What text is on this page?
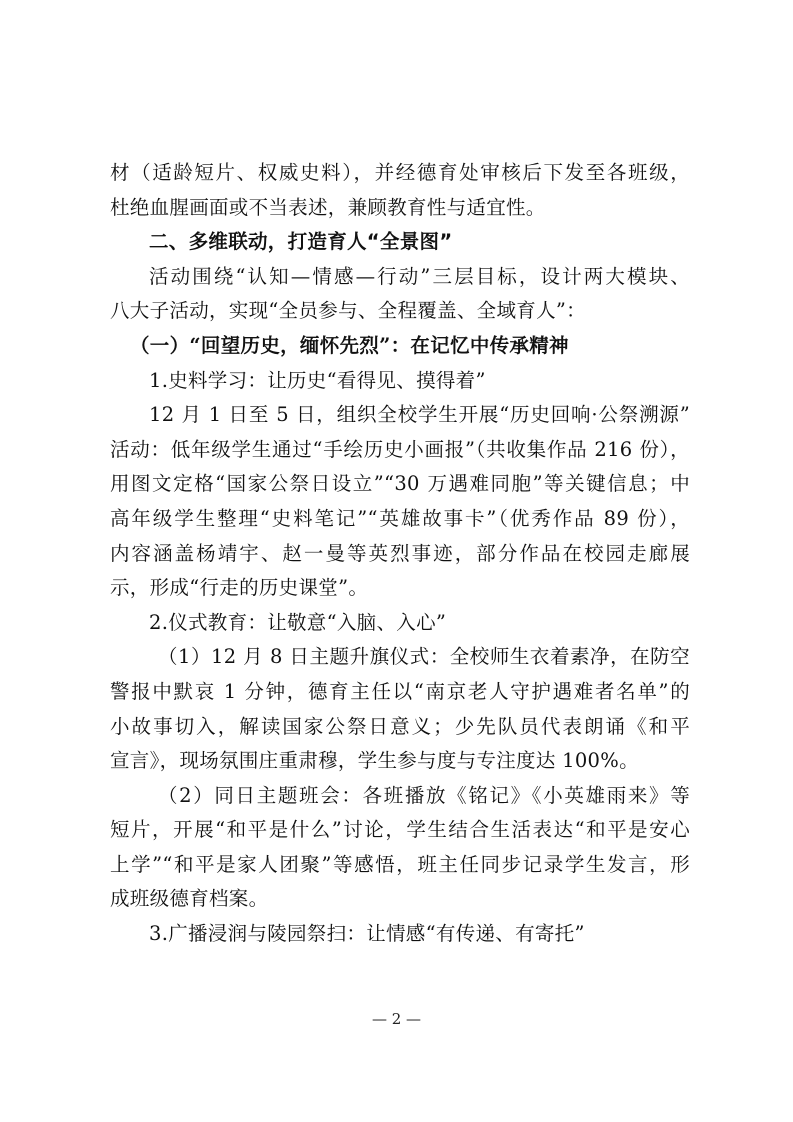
材（适龄短片、权威史料），并经德育处审核后下发至各班级，
杜绝血腥画面或不当表述，兼顾教育性与适宜性。
二、多维联动，打造育人“全景图”
活动围绕“认知—情感—行动”三层目标，设计两大模块、
八大子活动，实现“全员参与、全程覆盖、全域育人”：
（一）“回望历史，缅怀先烈”：在记忆中传承精神
1.史料学习：让历史“看得见、摸得着”
12 月 1 日至 5 日，组织全校学生开展“历史回响·公祭溯源”
活动：低年级学生通过“手绘历史小画报”（共收集作品 216 份），
用图文定格“国家公祭日设立”“30 万遇难同胞”等关键信息；中
高年级学生整理“史料笔记”“英雄故事卡”（优秀作品 89 份），
内容涵盖杨靖宇、赵一曼等英烈事迹，部分作品在校园走廊展
示，形成“行走的历史课堂”。
2.仪式教育：让敬意“入脑、入心”
（1）12 月 8 日主题升旗仪式：全校师生衣着素净，在防空
警报中默哀 1 分钟，德育主任以“南京老人守护遇难者名单”的
小故事切入，解读国家公祭日意义；少先队员代表朗诵《和平
宣言》，现场氛围庄重肃穆，学生参与度与专注度达 100%。
（2）同日主题班会：各班播放《铭记》《小英雄雨来》等
短片，开展“和平是什么”讨论，学生结合生活表达“和平是安心
上学”“和平是家人团聚”等感悟，班主任同步记录学生发言，形
成班级德育档案。
3.广播浸润与陵园祭扫：让情感“有传递、有寄托”
— 2 —
